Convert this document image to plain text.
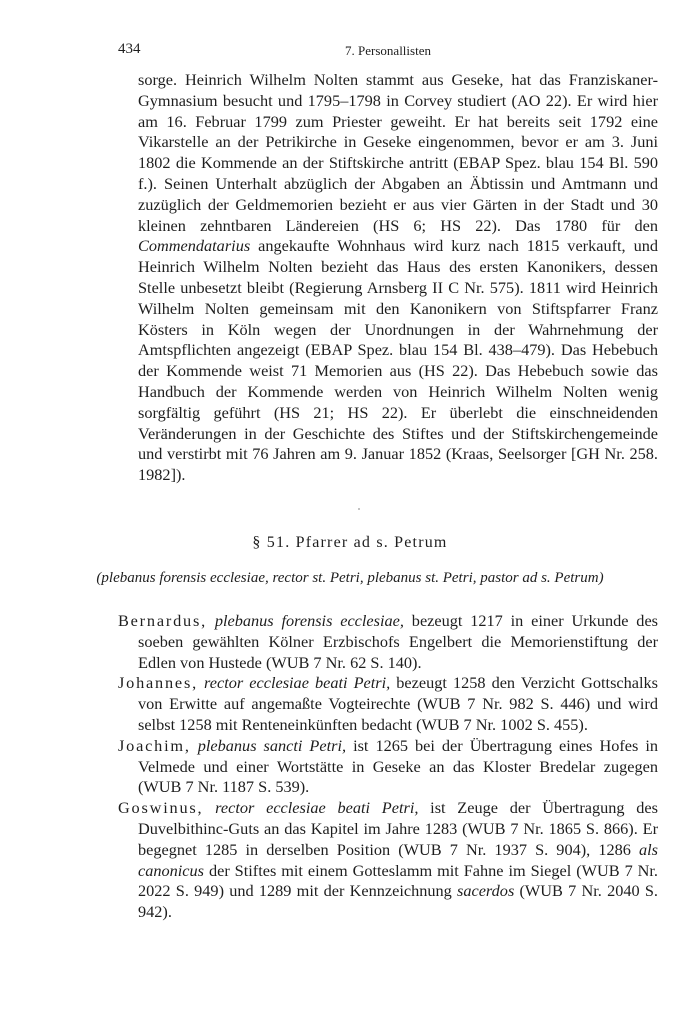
434	7. Personallisten

sorge. Heinrich Wilhelm Nolten stammt aus Geseke, hat das Franziskaner-Gymnasium besucht und 1795–1798 in Corvey studiert (AO 22). Er wird hier am 16. Februar 1799 zum Priester geweiht. Er hat bereits seit 1792 eine Vikarstelle an der Petrikirche in Geseke eingenommen, bevor er am 3. Juni 1802 die Kommende an der Stiftskirche antritt (EBAP Spez. blau 154 Bl. 590 f.). Seinen Unterhalt abzüglich der Abgaben an Äbtissin und Amtmann und zuzüglich der Geldmemorien bezieht er aus vier Gärten in der Stadt und 30 kleinen zehntbaren Ländereien (HS 6; HS 22). Das 1780 für den Commendatarius angekaufte Wohnhaus wird kurz nach 1815 verkauft, und Heinrich Wilhelm Nolten bezieht das Haus des ersten Kanonikers, dessen Stelle unbesetzt bleibt (Regierung Arnsberg II C Nr. 575). 1811 wird Heinrich Wilhelm Nolten gemeinsam mit den Kanonikern von Stiftspfarrer Franz Kösters in Köln wegen der Unordnungen in der Wahrnehmung der Amtspflichten angezeigt (EBAP Spez. blau 154 Bl. 438–479). Das Hebebuch der Kommende weist 71 Memorien aus (HS 22). Das Hebebuch sowie das Handbuch der Kommende werden von Heinrich Wilhelm Nolten wenig sorgfältig geführt (HS 21; HS 22). Er überlebt die einschneidenden Veränderungen in der Geschichte des Stiftes und der Stiftskirchengemeinde und verstirbt mit 76 Jahren am 9. Januar 1852 (Kraas, Seelsorger [GH Nr. 258. 1982]).

§ 51. Pfarrer ad s. Petrum
(plebanus forensis ecclesiae, rector st. Petri, plebanus st. Petri, pastor ad s. Petrum)
Bernardus, plebanus forensis ecclesiae, bezeugt 1217 in einer Urkunde des soeben gewählten Kölner Erzbischofs Engelbert die Memorienstiftung der Edlen von Hustede (WUB 7 Nr. 62 S. 140).
Johannes, rector ecclesiae beati Petri, bezeugt 1258 den Verzicht Gottschalks von Erwitte auf angemaßte Vogteirechte (WUB 7 Nr. 982 S. 446) und wird selbst 1258 mit Renteneinkünften bedacht (WUB 7 Nr. 1002 S. 455).
Joachim, plebanus sancti Petri, ist 1265 bei der Übertragung eines Hofes in Velmede und einer Wortstätte in Geseke an das Kloster Bredelar zugegen (WUB 7 Nr. 1187 S. 539).
Goswinus, rector ecclesiae beati Petri, ist Zeuge der Übertragung des Duvelbithinc-Guts an das Kapitel im Jahre 1283 (WUB 7 Nr. 1865 S. 866). Er begegnet 1285 in derselben Position (WUB 7 Nr. 1937 S. 904), 1286 als canonicus der Stiftes mit einem Gotteslamm mit Fahne im Siegel (WUB 7 Nr. 2022 S. 949) und 1289 mit der Kennzeichnung sacerdos (WUB 7 Nr. 2040 S. 942).
